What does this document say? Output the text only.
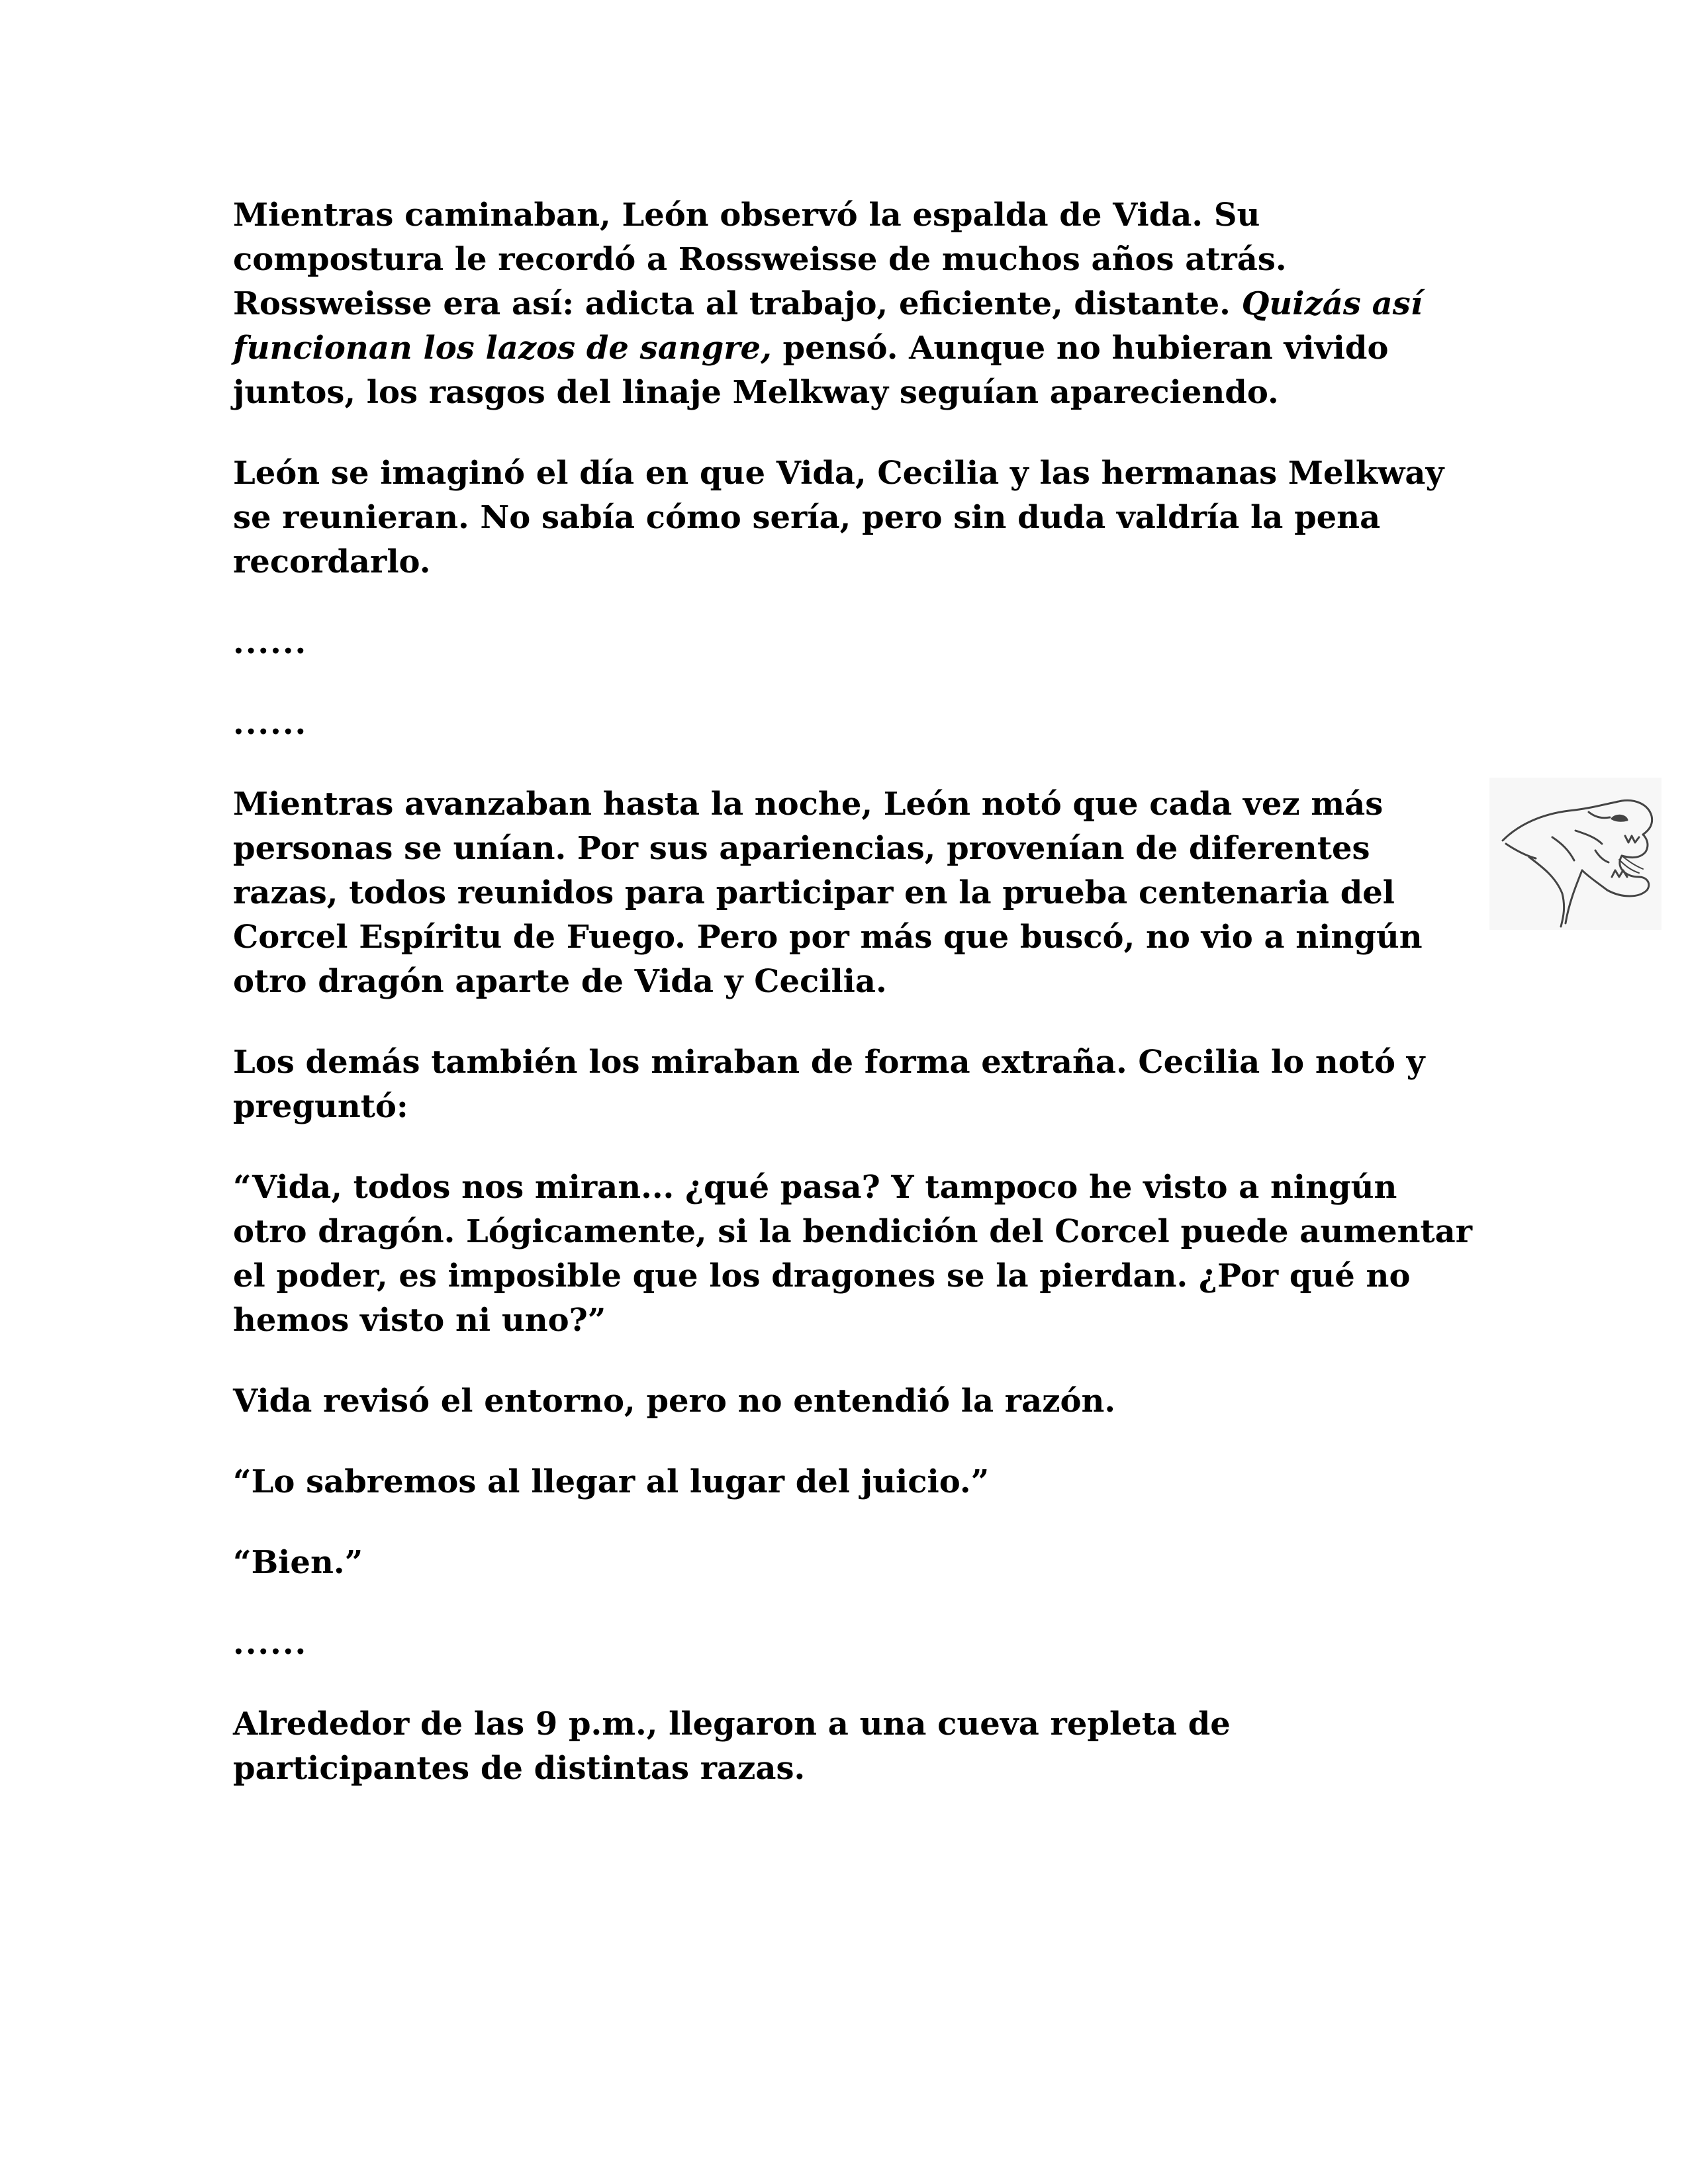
Mientras caminaban, León observó la espalda de Vida. Su compostura le recordó a Rossweisse de muchos años atrás. Rossweisse era así: adicta al trabajo, eficiente, distante. Quizás así funcionan los lazos de sangre, pensó. Aunque no hubieran vivido juntos, los rasgos del linaje Melkway seguían apareciendo.

León se imaginó el día en que Vida, Cecilia y las hermanas Melkway se reunieran. No sabía cómo sería, pero sin duda valdría la pena recordarlo.

......

......

Mientras avanzaban hasta la noche, León notó que cada vez más personas se unían. Por sus apariencias, provenían de diferentes razas, todos reunidos para participar en la prueba centenaria del Corcel Espíritu de Fuego. Pero por más que buscó, no vio a ningún otro dragón aparte de Vida y Cecilia.

Los demás también los miraban de forma extraña. Cecilia lo notó y preguntó:

“Vida, todos nos miran... ¿qué pasa? Y tampoco he visto a ningún otro dragón. Lógicamente, si la bendición del Corcel puede aumentar el poder, es imposible que los dragones se la pierdan. ¿Por qué no hemos visto ni uno?”

Vida revisó el entorno, pero no entendió la razón.

“Lo sabremos al llegar al lugar del juicio.”

“Bien.”

......

Alrededor de las 9 p.m., llegaron a una cueva repleta de participantes de distintas razas.
